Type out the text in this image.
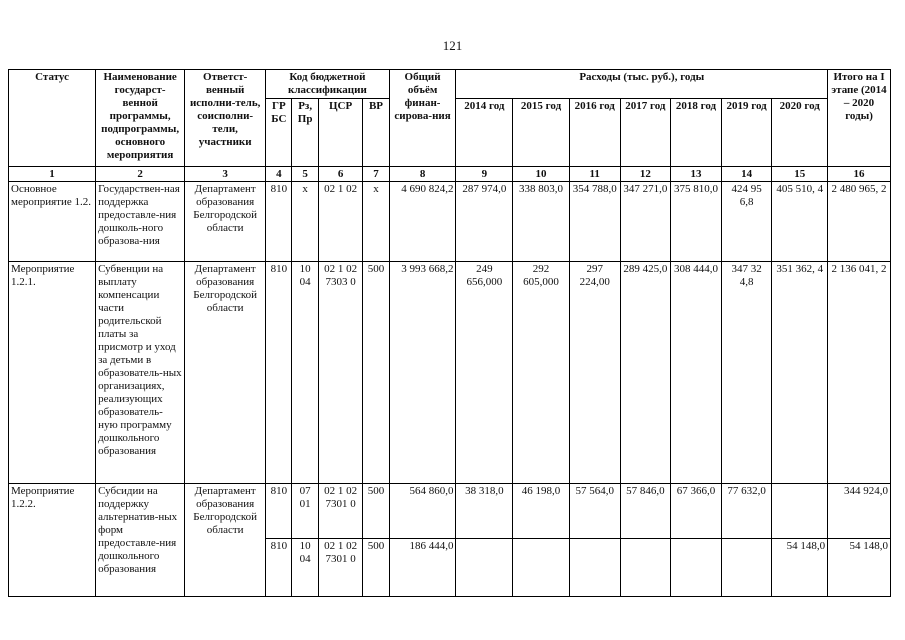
121
Статус	Наименование государст-венной программы, подпрограммы, основного мероприятия	Ответст-венный исполни-тель, соисполни-тели, участники	Код бюджетной классификации				Общий объём финан-сирова-ния	Расходы (тыс. руб.), годы							Итого на I этапе (2014 – 2020 годы)
			ГР БС	Рз, Пр	ЦСР	ВР		2014 год	2015 год	2016 год	2017 год	2018 год	2019 год	2020 год	
1	2	3	4	5	6	7	8	9	10	11	12	13	14	15	16
Основное мероприятие 1.2.	Государствен-ная поддержка предоставле-ния дошколь-ного образова-ния	Департамент образования Белгородской области	810	x	02 1 02	x	4 690 824,2	287 974,0	338 803,0	354 788,0	347 271,0	375 810,0	424 95 6,8	405 510, 4	2 480 965, 2
Мероприятие 1.2.1.	Субвенции на выплату компенсации части родительской платы за присмотр и уход за детьми в образователь-ных организациях, реализующих образователь-ную программу дошкольного образования	Департамент образования Белгородской области	810	10 04	02 1 02 7303 0	500	3 993 668,2	249 656,000	292 605,000	297 224,00	289 425,0	308 444,0	347 32 4,8	351 362, 4	2 136 041, 2
Мероприятие 1.2.2.	Субсидии на поддержку альтернатив-ных форм предоставле-ния дошкольного образования	Департамент образования Белгородской области	810	07 01	02 1 02 7301 0	500	564 860,0	38 318,0	46 198,0	57 564,0	57 846,0	67 366,0	77 632,0		344 924,0
			810	10 04	02 1 02 7301 0	500	186 444,0							54 148,0	54 148,0
